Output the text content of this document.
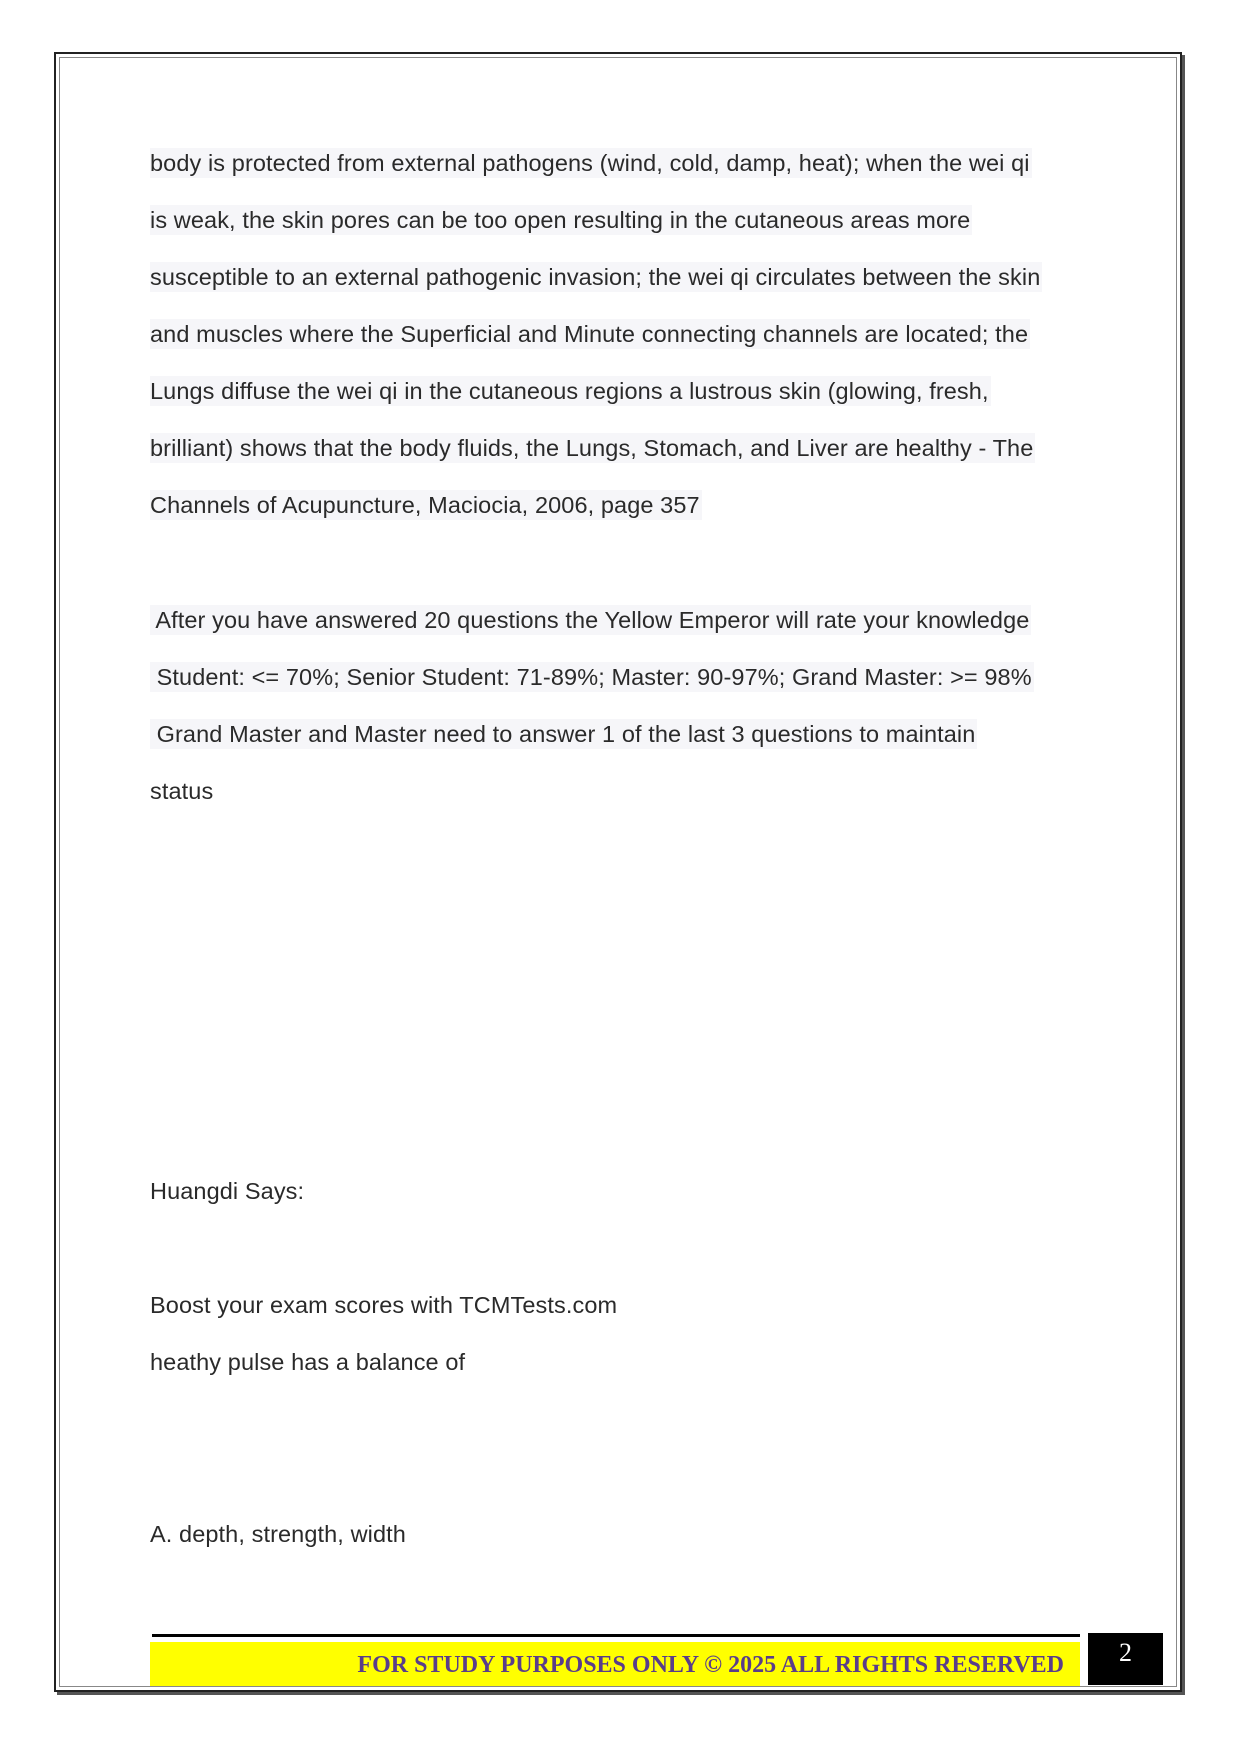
body is protected from external pathogens (wind, cold, damp, heat); when the wei qi
is weak, the skin pores can be too open resulting in the cutaneous areas more
susceptible to an external pathogenic invasion; the wei qi circulates between the skin
and muscles where the Superficial and Minute connecting channels are located; the
Lungs diffuse the wei qi in the cutaneous regions a lustrous skin (glowing, fresh,
brilliant) shows that the body fluids, the Lungs, Stomach, and Liver are healthy - The
Channels of Acupuncture, Maciocia, 2006, page 357
After you have answered 20 questions the Yellow Emperor will rate your knowledge
Student: <= 70%; Senior Student: 71-89%; Master: 90-97%; Grand Master: >= 98%
Grand Master and Master need to answer 1 of the last 3 questions to maintain
status
Huangdi Says:
Boost your exam scores with TCMTests.com
heathy pulse has a balance of
A. depth, strength, width
FOR STUDY PURPOSES ONLY © 2025 ALL RIGHTS RESERVED	2
